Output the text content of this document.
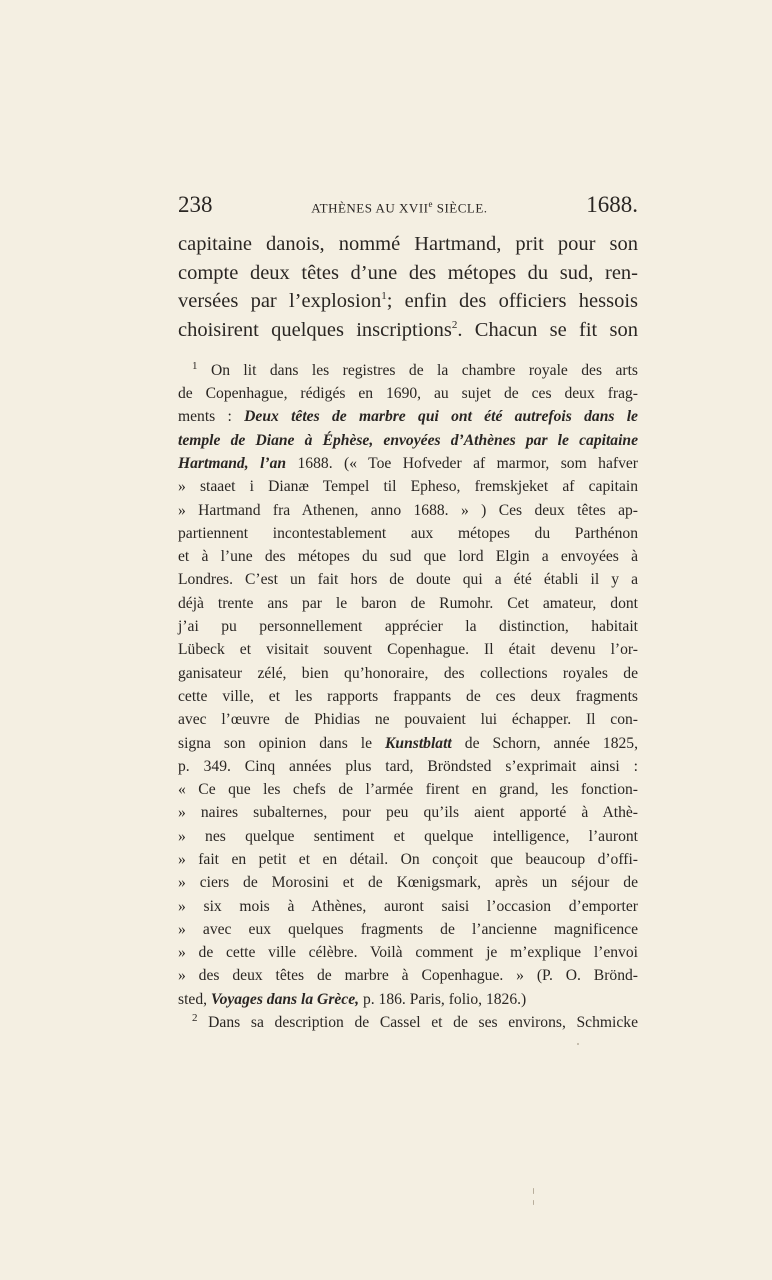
238	ATHÈNES AU XVIIe SIÈCLE.	1688.
capitaine danois, nommé Hartmand, prit pour son
compte deux têtes d’une des métopes du sud, ren-
versées par l’explosion$^1$; enfin des officiers hessois
choisirent quelques inscriptions$^2$. Chacun se fit son
$^1$ On lit dans les registres de la chambre royale des arts
de Copenhague, rédigés en 1690, au sujet de ces deux frag-
ments : Deux têtes de marbre qui ont été autrefois dans le
temple de Diane à Éphèse, envoyées d’Athènes par le capitaine
Hartmand, l’an 1688. (« Toe Hofveder af marmor, som hafver
» staaet i Dianæ Tempel til Epheso, fremskjeket af capitain
» Hartmand fra Athenen, anno 1688. » ) Ces deux têtes ap-
partiennent incontestablement aux métopes du Parthénon
et à l’une des métopes du sud que lord Elgin a envoyées à
Londres. C’est un fait hors de doute qui a été établi il y a
déjà trente ans par le baron de Rumohr. Cet amateur, dont
j’ai pu personnellement apprécier la distinction, habitait
Lübeck et visitait souvent Copenhague. Il était devenu l’or-
ganisateur zélé, bien qu’honoraire, des collections royales de
cette ville, et les rapports frappants de ces deux fragments
avec l’œuvre de Phidias ne pouvaient lui échapper. Il con-
signa son opinion dans le Kunstblatt de Schorn, année 1825,
p. 349. Cinq années plus tard, Bröndsted s’exprimait ainsi :
« Ce que les chefs de l’armée firent en grand, les fonction-
» naires subalternes, pour peu qu’ils aient apporté à Athè-
» nes quelque sentiment et quelque intelligence, l’auront
» fait en petit et en détail. On conçoit que beaucoup d’offi-
» ciers de Morosini et de Kœnigsmark, après un séjour de
» six mois à Athènes, auront saisi l’occasion d’emporter
» avec eux quelques fragments de l’ancienne magnificence
» de cette ville célèbre. Voilà comment je m’explique l’envoi
» des deux têtes de marbre à Copenhague. » (P. O. Brönd-
sted, Voyages dans la Grèce, p. 186. Paris, folio, 1826.)
$^2$ Dans sa description de Cassel et de ses environs, Schmicke
